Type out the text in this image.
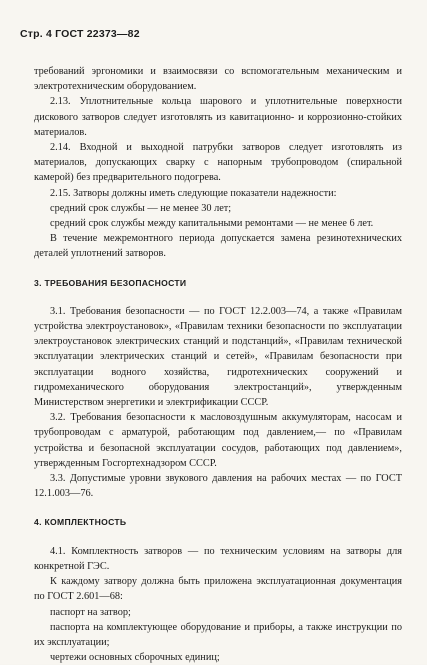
Стр. 4 ГОСТ 22373—82

требований эргономики и взаимосвязи со вспомогательным механическим и электротехническим оборудованием.

2.13. Уплотнительные кольца шарового и уплотнительные поверхности дискового затворов следует изготовлять из кавитационно- и коррозионно-стойких материалов.

2.14. Входной и выходной патрубки затворов следует изготовлять из материалов, допускающих сварку с напорным трубопроводом (спиральной камерой) без предварительного подогрева.

2.15. Затворы должны иметь следующие показатели надежности:

средний срок службы — не менее 30 лет;

средний срок службы между капитальными ремонтами — не менее 6 лет.

В течение межремонтного периода допускается замена резинотехнических деталей уплотнений затворов.

3. ТРЕБОВАНИЯ БЕЗОПАСНОСТИ

3.1. Требования безопасности — по ГОСТ 12.2.003—74, а также «Правилам устройства электроустановок», «Правилам техники безопасности по эксплуатации электроустановок электрических станций и подстанций», «Правилам технической эксплуатации электрических станций и сетей», «Правилам безопасности при эксплуатации водного хозяйства, гидротехнических сооружений и гидромеханического оборудования электростанций», утвержденным Министерством энергетики и электрификации СССР.

3.2. Требования безопасности к масловоздушным аккумуляторам, насосам и трубопроводам с арматурой, работающим под давлением,— по «Правилам устройства и безопасной эксплуатации сосудов, работающих под давлением», утвержденным Госгортехнадзором СССР.

3.3. Допустимые уровни звукового давления на рабочих местах — по ГОСТ 12.1.003—76.

4. КОМПЛЕКТНОСТЬ

4.1. Комплектность затворов — по техническим условиям на затворы для конкретной ГЭС.

К каждому затвору должна быть приложена эксплуатационная документация по ГОСТ 2.601—68:

паспорт на затвор;

паспорта на комплектующее оборудование и приборы, а также инструкции по их эксплуатации;

чертежи основных сборочных единиц;
